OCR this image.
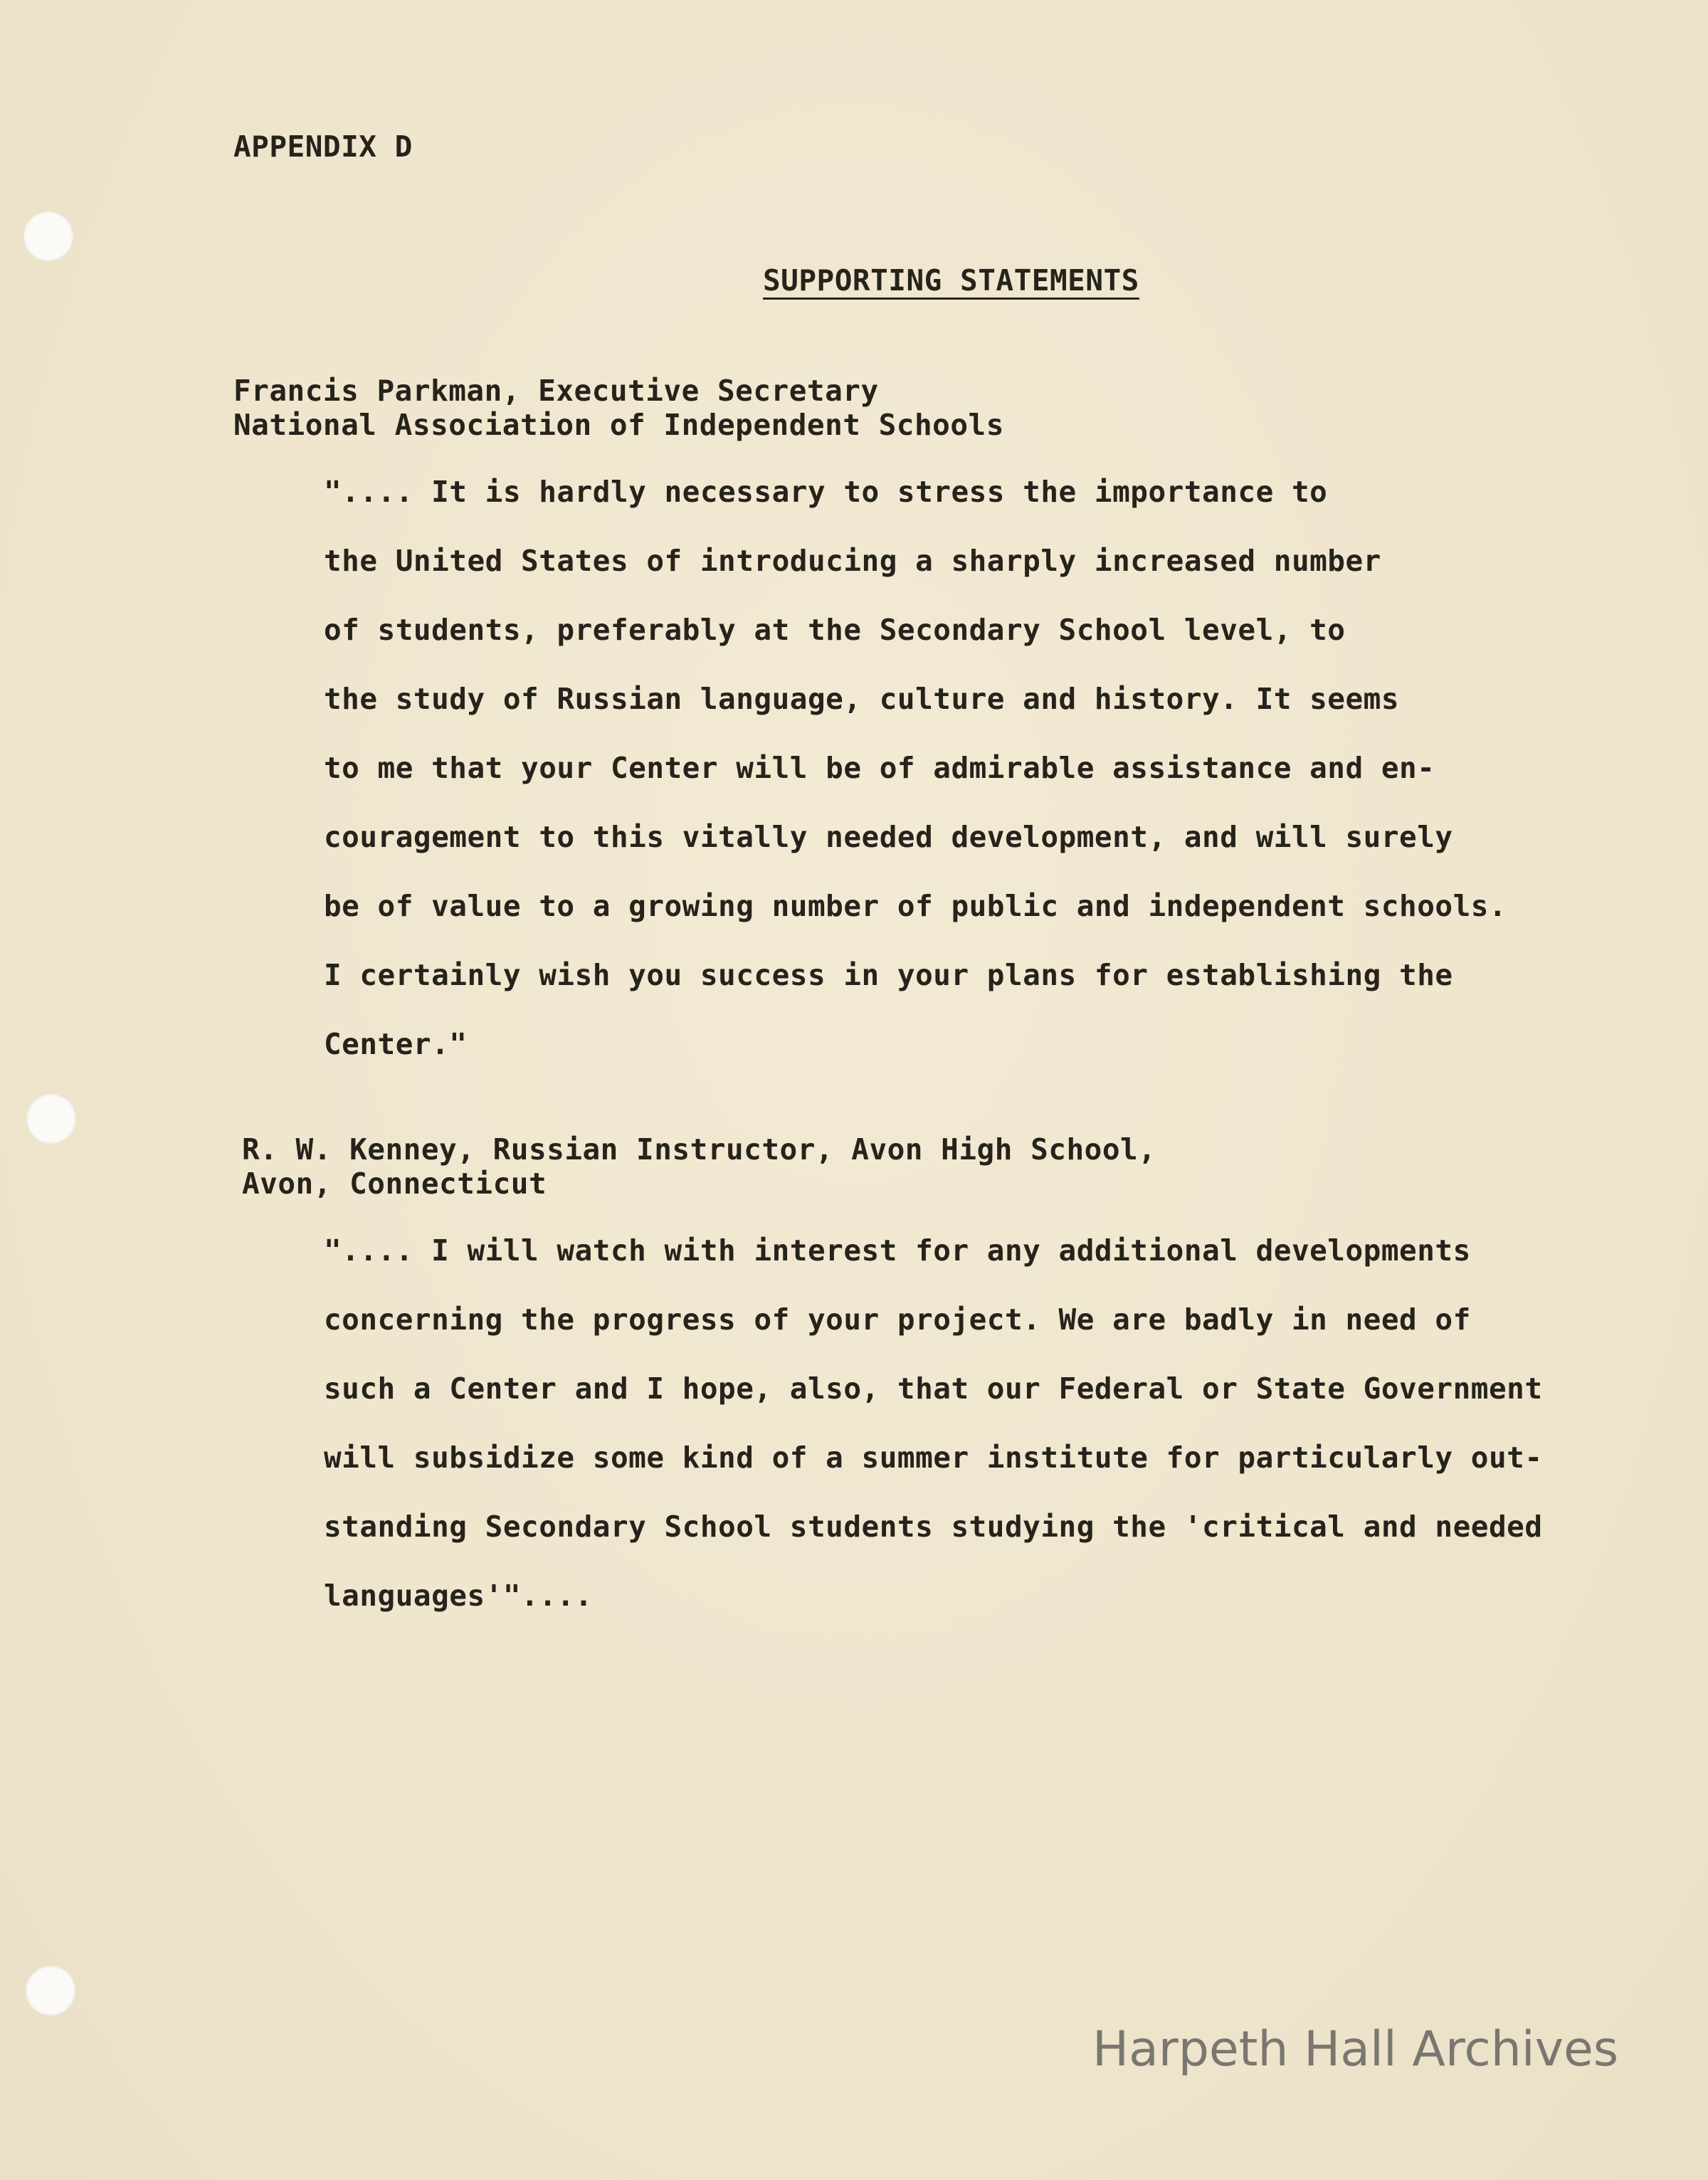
APPENDIX D
SUPPORTING STATEMENTS
Francis Parkman, Executive Secretary
National Association of Independent Schools
".... It is hardly necessary to stress the importance to
the United States of introducing a sharply increased number
of students, preferably at the Secondary School level, to
the study of Russian language, culture and history. It seems
to me that your Center will be of admirable assistance and en-
couragement to this vitally needed development, and will surely
be of value to a growing number of public and independent schools.
I certainly wish you success in your plans for establishing the
Center."
R. W. Kenney, Russian Instructor, Avon High School,
Avon, Connecticut
".... I will watch with interest for any additional developments
concerning the progress of your project. We are badly in need of
such a Center and I hope, also, that our Federal or State Government
will subsidize some kind of a summer institute for particularly out-
standing Secondary School students studying the 'critical and needed
languages'"....
Harpeth Hall Archives
